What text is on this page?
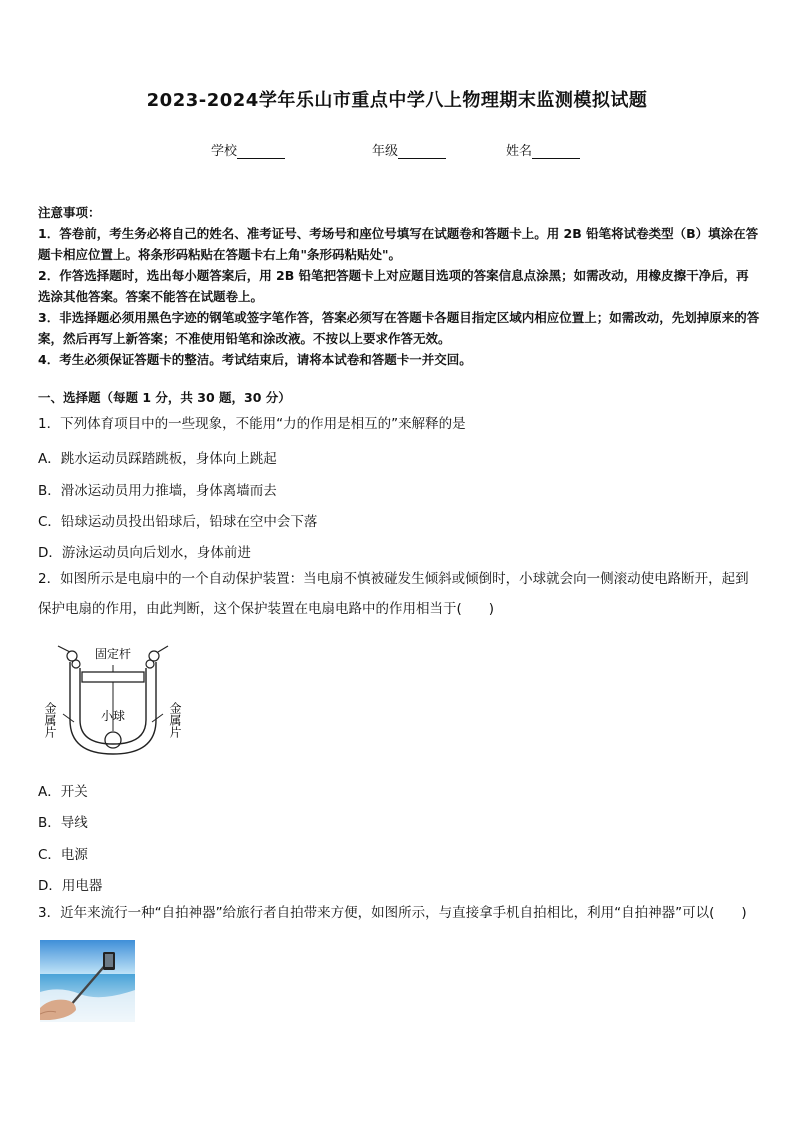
2023-2024学年乐山市重点中学八上物理期末监测模拟试题
学校	年级	姓名

注意事项：

1．答卷前，考生务必将自己的姓名、准考证号、考场号和座位号填写在试题卷和答题卡上。用 2B 铅笔将试卷类型（B）填涂在答题卡相应位置上。将条形码粘贴在答题卡右上角"条形码粘贴处"。

2．作答选择题时，选出每小题答案后，用 2B 铅笔把答题卡上对应题目选项的答案信息点涂黑；如需改动，用橡皮擦干净后，再选涂其他答案。答案不能答在试题卷上。

3．非选择题必须用黑色字迹的钢笔或签字笔作答，答案必须写在答题卡各题目指定区域内相应位置上；如需改动，先划掉原来的答案，然后再写上新答案；不准使用铅笔和涂改液。不按以上要求作答无效。

4．考生必须保证答题卡的整洁。考试结束后，请将本试卷和答题卡一并交回。

一、选择题（每题 1 分，共 30 题，30 分）
1．下列体育项目中的一些现象，不能用“力的作用是相互的”来解释的是
A．跳水运动员踩踏跳板，身体向上跳起
B．滑冰运动员用力推墙，身体离墙而去
C．铅球运动员投出铅球后，铅球在空中会下落
D．游泳运动员向后划水，身体前进
2．如图所示是电扇中的一个自动保护装置：当电扇不慎被碰发生倾斜或倾倒时，小球就会向一侧滚动使电路断开，起到保护电扇的作用，由此判断，这个保护装置在电扇电路中的作用相当于(　　)
固定杆
小球
金属片	金属片
A．开关
B．导线
C．电源
D．用电器
3．近年来流行一种“自拍神器”给旅行者自拍带来方便，如图所示，与直接拿手机自拍相比，利用“自拍神器”可以(　　)
